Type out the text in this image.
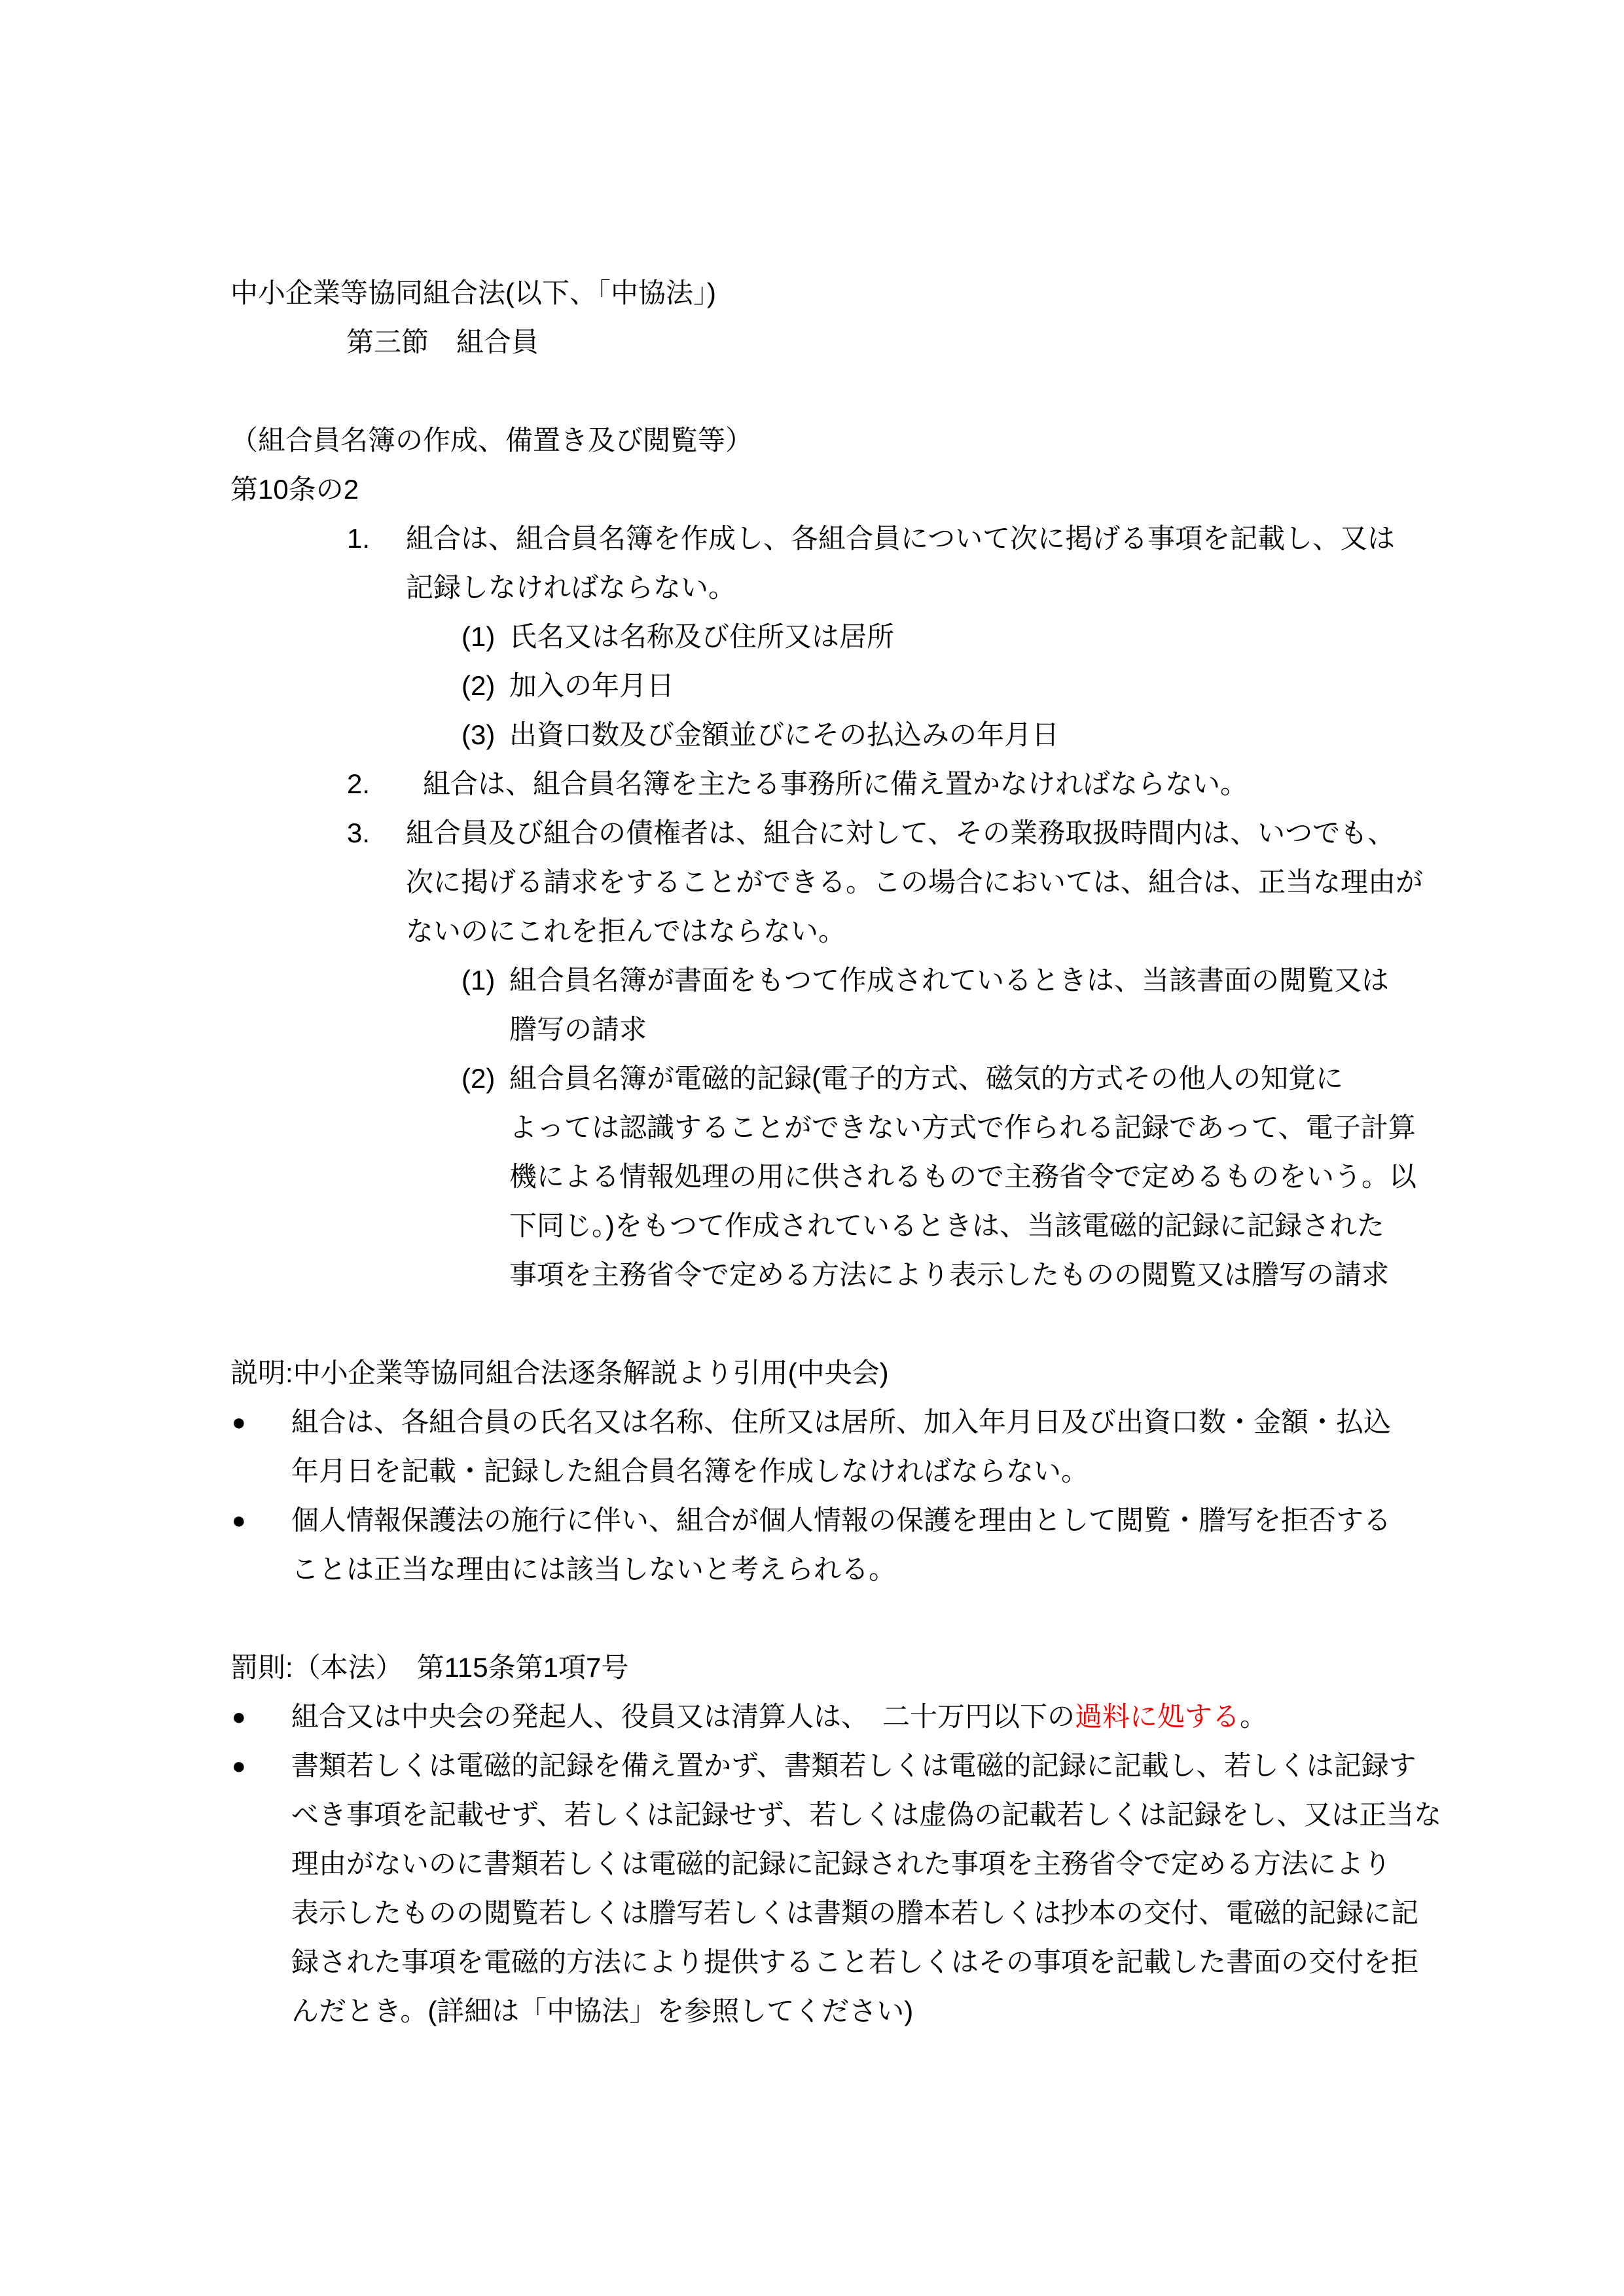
中小企業等協同組合法(以下、「中協法」)
第三節　組合員
（組合員名簿の作成、備置き及び閲覧等）
第10条の2
1. 組合は、組合員名簿を作成し、各組合員について次に掲げる事項を記載し、又は
記録しなければならない。
(1) 氏名又は名称及び住所又は居所
(2) 加入の年月日
(3) 出資口数及び金額並びにその払込みの年月日
2. 組合は、組合員名簿を主たる事務所に備え置かなければならない。
3. 組合員及び組合の債権者は、組合に対して、その業務取扱時間内は、いつでも、
次に掲げる請求をすることができる。この場合においては、組合は、正当な理由が
ないのにこれを拒んではならない。
(1) 組合員名簿が書面をもつて作成されているときは、当該書面の閲覧又は
謄写の請求
(2) 組合員名簿が電磁的記録(電子的方式、磁気的方式その他人の知覚に
よっては認識することができない方式で作られる記録であって、電子計算
機による情報処理の用に供されるもので主務省令で定めるものをいう。以
下同じ。)をもつて作成されているときは、当該電磁的記録に記録された
事項を主務省令で定める方法により表示したものの閲覧又は謄写の請求
説明:中小企業等協同組合法逐条解説より引用(中央会)
● 組合は、各組合員の氏名又は名称、住所又は居所、加入年月日及び出資口数・金額・払込
年月日を記載・記録した組合員名簿を作成しなければならない。
● 個人情報保護法の施行に伴い、組合が個人情報の保護を理由として閲覧・謄写を拒否する
ことは正当な理由には該当しないと考えられる。
罰則:（本法）　第115条第1項7号
● 組合又は中央会の発起人、役員又は清算人は、　二十万円以下の過料に処する。
● 書類若しくは電磁的記録を備え置かず、書類若しくは電磁的記録に記載し、若しくは記録す
べき事項を記載せず、若しくは記録せず、若しくは虚偽の記載若しくは記録をし、又は正当な
理由がないのに書類若しくは電磁的記録に記録された事項を主務省令で定める方法により
表示したものの閲覧若しくは謄写若しくは書類の謄本若しくは抄本の交付、電磁的記録に記
録された事項を電磁的方法により提供すること若しくはその事項を記載した書面の交付を拒
んだとき。(詳細は「中協法」を参照してください)
